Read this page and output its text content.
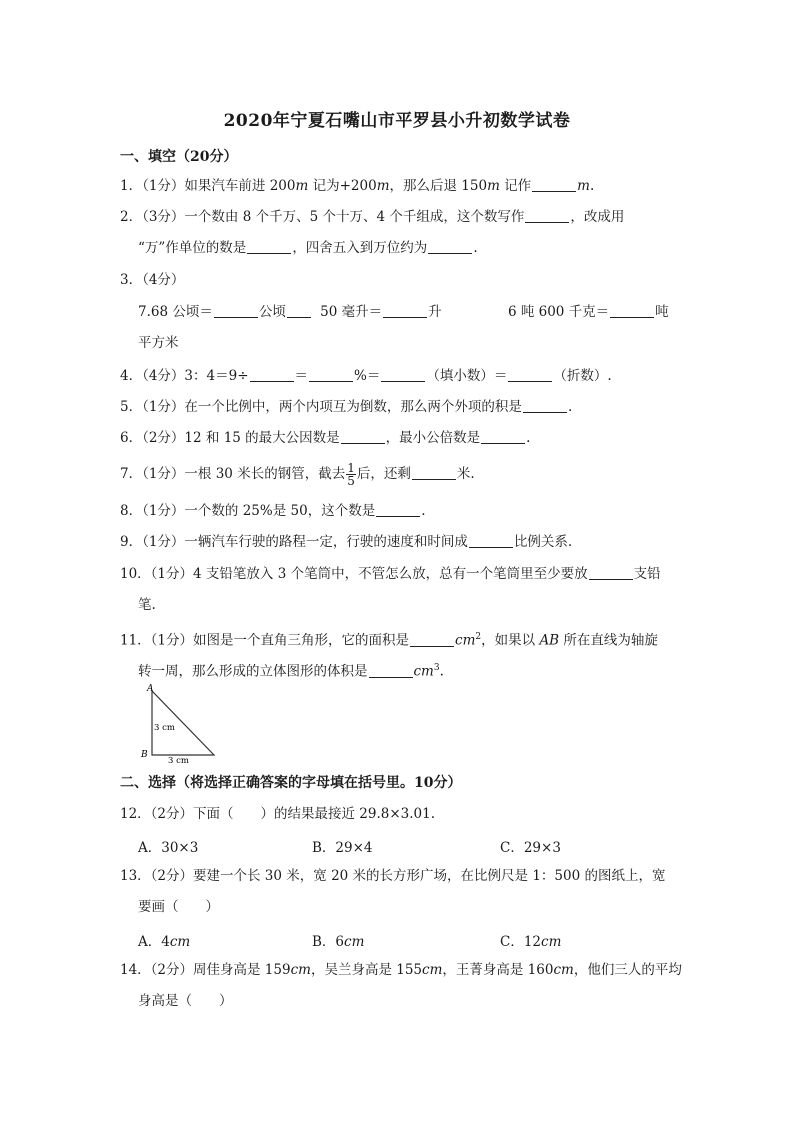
2020年宁夏石嘴山市平罗县小升初数学试卷
一、填空（20分）
1．（1分）如果汽车前进 200m 记为+200m，那么后退 150m 记作	m.
2．（3分）一个数由 8 个千万、5 个十万、4 个千组成，这个数写作	，改成用
“万”作单位的数是	，四舍五入到万位约为	.
3．（4分）
7.68 公顷＝	公顷	50 毫升＝	升	6 吨 600 千克＝	吨
平方米
4．（4分）3：4＝9÷	＝	%＝	（填小数）＝	（折数）.
5．（1分）在一个比例中，两个内项互为倒数，那么两个外项的积是	.
6．（2分）12 和 15 的最大公因数是	，最小公倍数是	.
7．（1分）一根 30 米长的钢管，截去 $\frac{1}{5}$ 后，还剩	米.
8．（1分）一个数的 25%是 50，这个数是	.
9．（1分）一辆汽车行驶的路程一定，行驶的速度和时间成	比例关系.
10．（1分）4 支铅笔放入 3 个笔筒中，不管怎么放，总有一个笔筒里至少要放	支铅
笔.
11．（1分）如图是一个直角三角形，它的面积是	$cm^2$，如果以 AB 所在直线为轴旋
转一周，那么形成的立体图形的体积是	$cm^3$.
A
B
3 cm
3 cm
二、选择（将选择正确答案的字母填在括号里。10分）
12．（2分）下面（　　）的结果最接近 29.8×3.01.
A．30×3	B．29×4	C．29×3
13．（2分）要建一个长 30 米，宽 20 米的长方形广场，在比例尺是 1：500 的图纸上，宽
要画（　　）
A．4cm	B．6cm	C．12cm
14．（2分）周佳身高是 159cm，吴兰身高是 155cm，王菁身高是 160cm，他们三人的平均
身高是（　　）
